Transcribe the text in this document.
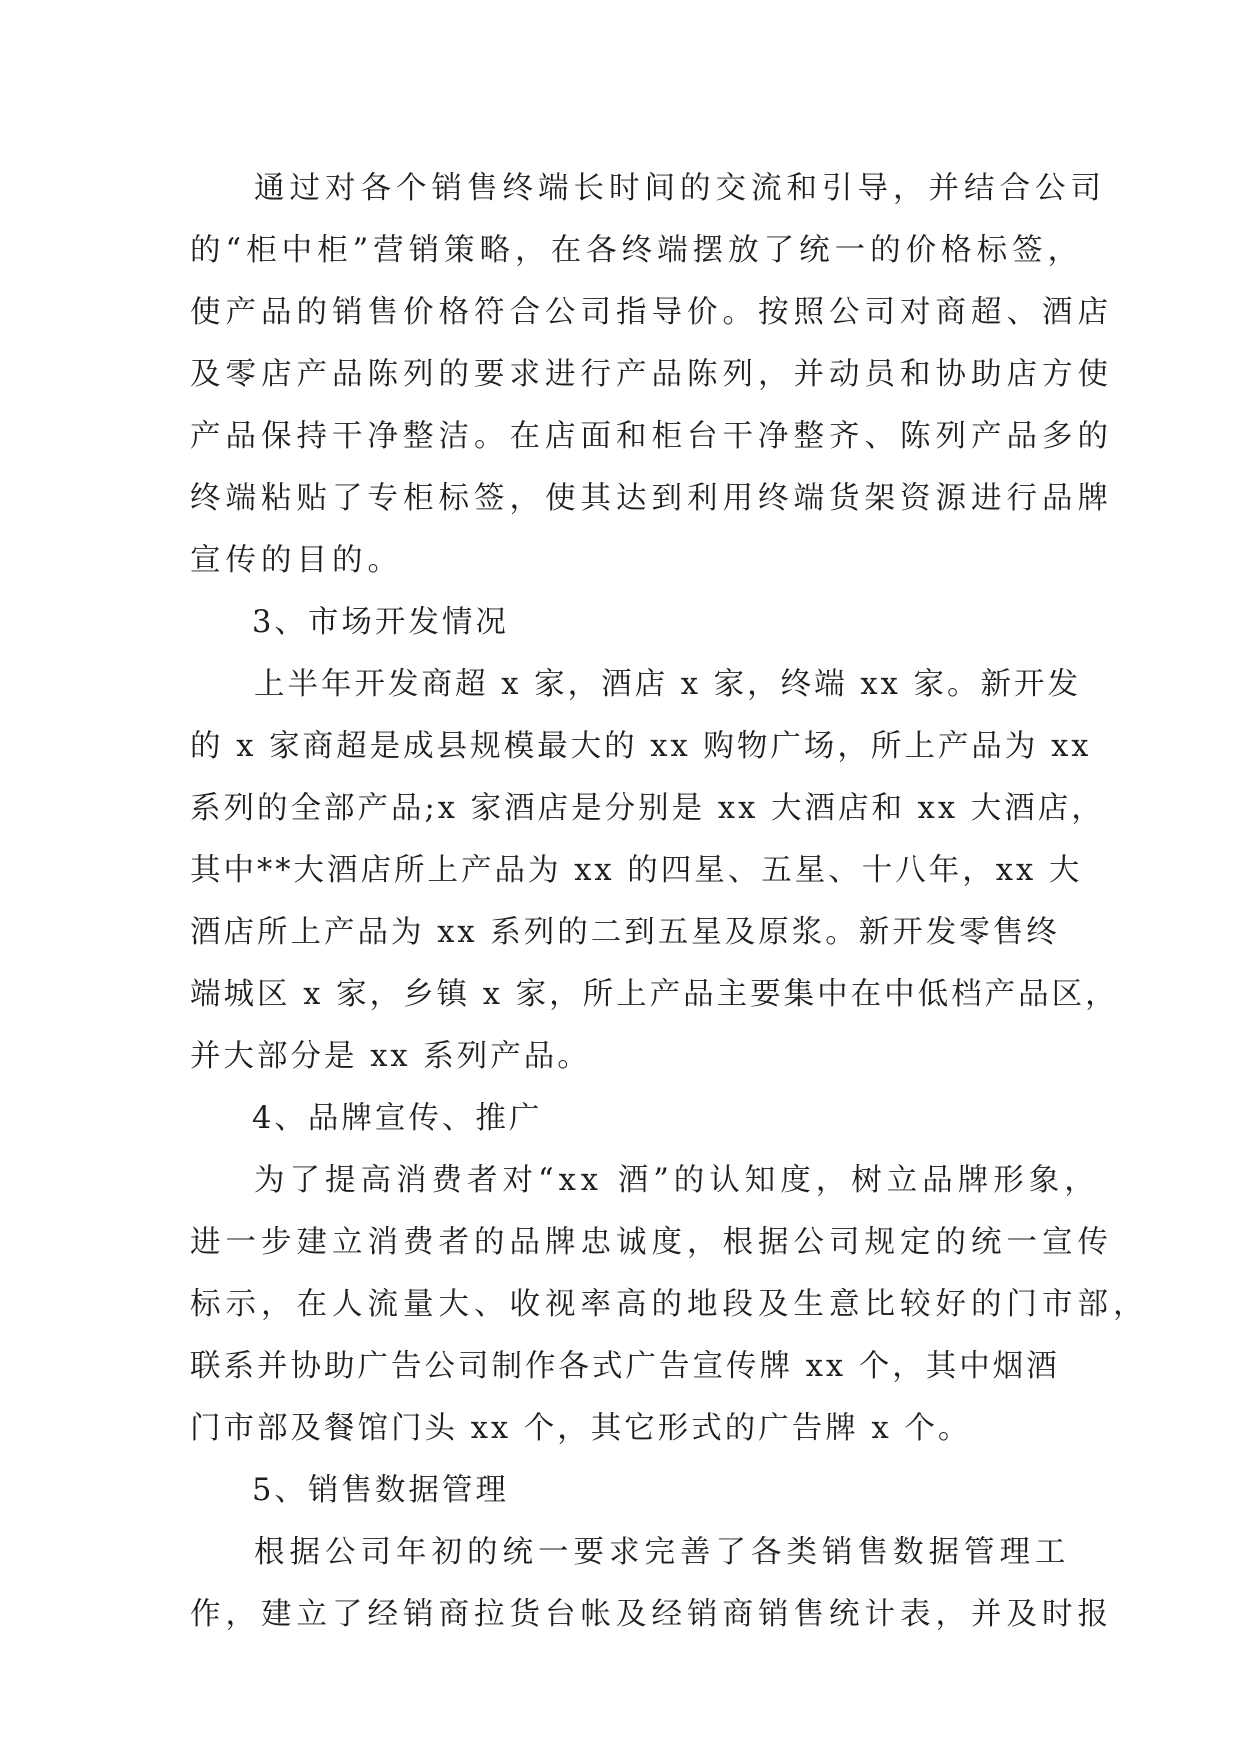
通过对各个销售终端长时间的交流和引导，并结合公司
的“柜中柜”营销策略，在各终端摆放了统一的价格标签，
使产品的销售价格符合公司指导价。按照公司对商超、酒店
及零店产品陈列的要求进行产品陈列，并动员和协助店方使
产品保持干净整洁。在店面和柜台干净整齐、陈列产品多的
终端粘贴了专柜标签，使其达到利用终端货架资源进行品牌
宣传的目的。
3、市场开发情况
上半年开发商超 x 家，酒店 x 家，终端 xx 家。新开发
的 x 家商超是成县规模最大的 xx 购物广场，所上产品为 xx
系列的全部产品;x 家酒店是分别是 xx 大酒店和 xx 大酒店，
其中**大酒店所上产品为 xx 的四星、五星、十八年，xx 大
酒店所上产品为 xx 系列的二到五星及原浆。新开发零售终
端城区 x 家，乡镇 x 家，所上产品主要集中在中低档产品区，
并大部分是 xx 系列产品。
4、品牌宣传、推广
为了提高消费者对“xx 酒”的认知度，树立品牌形象，
进一步建立消费者的品牌忠诚度，根据公司规定的统一宣传
标示，在人流量大、收视率高的地段及生意比较好的门市部，
联系并协助广告公司制作各式广告宣传牌 xx 个，其中烟酒
门市部及餐馆门头 xx 个，其它形式的广告牌 x 个。
5、销售数据管理
根据公司年初的统一要求完善了各类销售数据管理工
作，建立了经销商拉货台帐及经销商销售统计表，并及时报
